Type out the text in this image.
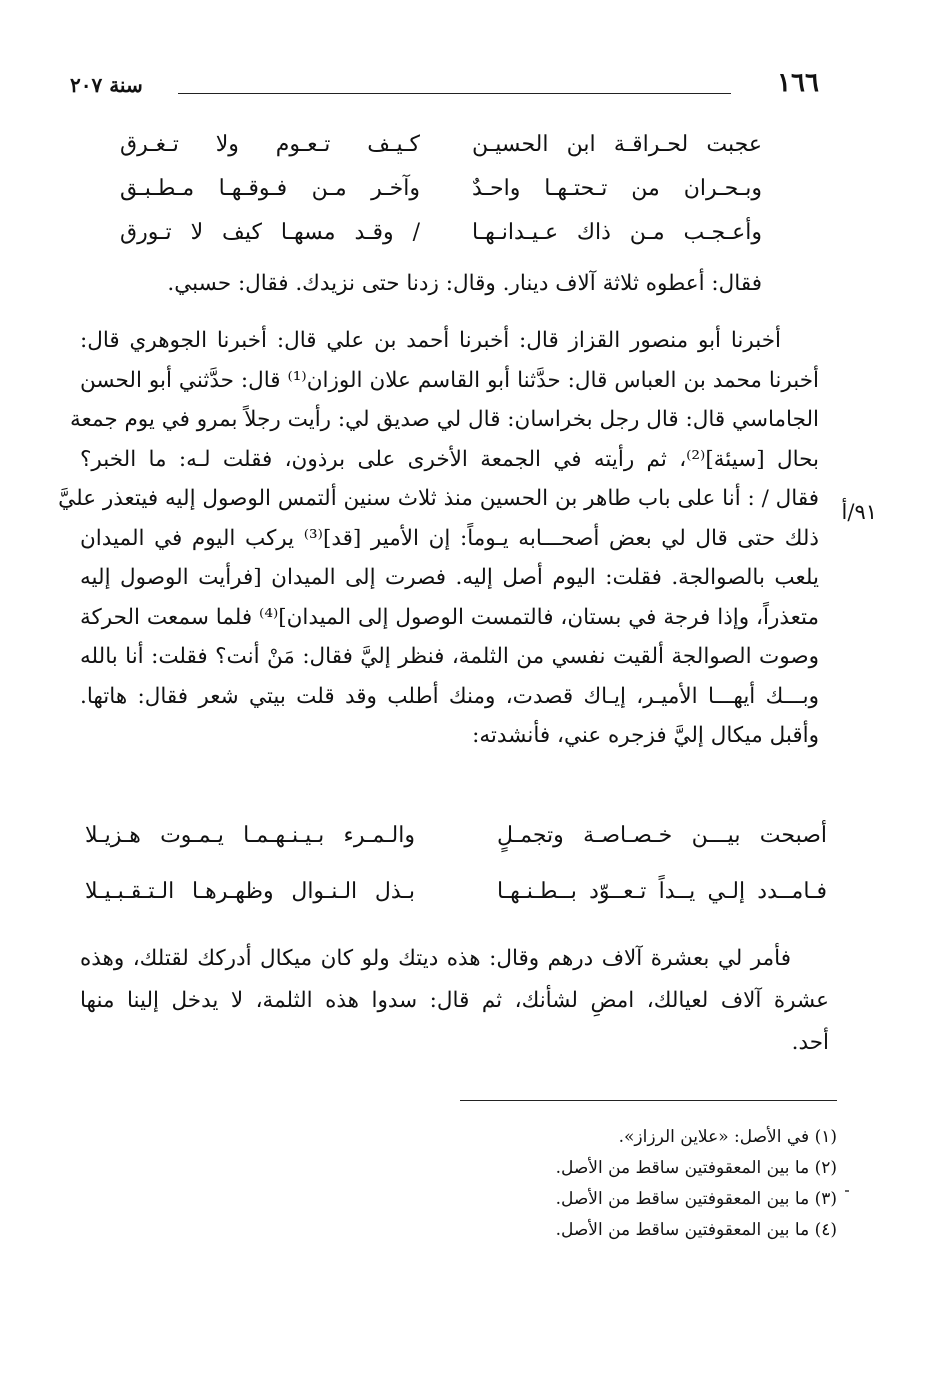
١٦٦
سنة ٢٠٧
عجبت لحـراقـة ابن الحسيـن
كـيـف تـعـوم ولا تـغـرق
وبـحـران من تـحتـهـا واحـدٌ
وآخـر مـن فـوقـهـا مـطـبـق
وأعـجـب مـن ذاك عـيـدانـهـا
/ وقـد مسهـا كيف لا تـورق
فقال: أعطوه ثلاثة آلاف دينار. وقال: زدنا حتى نزيدك. فقال: حسبي.
أخبرنا أبو منصور القزاز قال: أخبرنا أحمد بن علي قال: أخبرنا الجوهري قال:
أخبرنا محمد بن العباس قال: حدَّثنا أبو القاسم علان الوزان⁽¹⁾ قال: حدَّثني أبو الحسن
الجاماسي قال: قال رجل بخراسان: قال لي صديق لي: رأيت رجلاً بمرو في يوم جمعة
بحال [سيئة]⁽²⁾، ثم رأيته في الجمعة الأخرى على برذون، فقلت لـه: ما الخبر؟
فقال / : أنا على باب طاهر بن الحسين منذ ثلاث سنين ألتمس الوصول إليه فيتعذر عليَّ
ذلك حتى قال لي بعض أصحـــابه يـوماً: إن الأمير [قد]⁽³⁾ يركب اليوم في الميدان
يلعب بالصوالجة. فقلت: اليوم أصل إليه. فصرت إلى الميدان [فرأيت الوصول إليه
متعذراً، وإذا فرجة في بستان، فالتمست الوصول إلى الميدان]⁽⁴⁾ فلما سمعت الحركة
وصوت الصوالجة ألقيت نفسي من الثلمة، فنظر إليَّ فقال: مَنْ أنت؟ فقلت: أنا بالله
وبـــك أيهـــا الأميـر، إيـاك قصدت، ومنك أطلب وقد قلت بيتي شعر فقال: هاتها.
وأقبل ميكال إليَّ فزجره عني، فأنشدته:
٩١/أ
أصبحت بيـــن خـصـاصـة وتجمـلٍ
والـمـرء بـيـنـهـمـا يـمـوت هـزيـلا
فـامــدد إلـي يــداً تـعــوّد بــطـنـهـا
بـذل الـنـوال وظهـرهـا الـتـقـبـيـلا
فأمر لي بعشرة آلاف درهم وقال: هذه ديتك ولو كان ميكال أدركك لقتلك، وهذه
عشرة آلاف لعيالك، امضِ لشأنك، ثم قال: سدوا هذه الثلمة، لا يدخل إلينا منها
أحد.
(١) في الأصل: «علاين الرزاز».
(٢) ما بين المعقوفتين ساقط من الأصل.
(٣) ما بين المعقوفتين ساقط من الأصل.
(٤) ما بين المعقوفتين ساقط من الأصل.
